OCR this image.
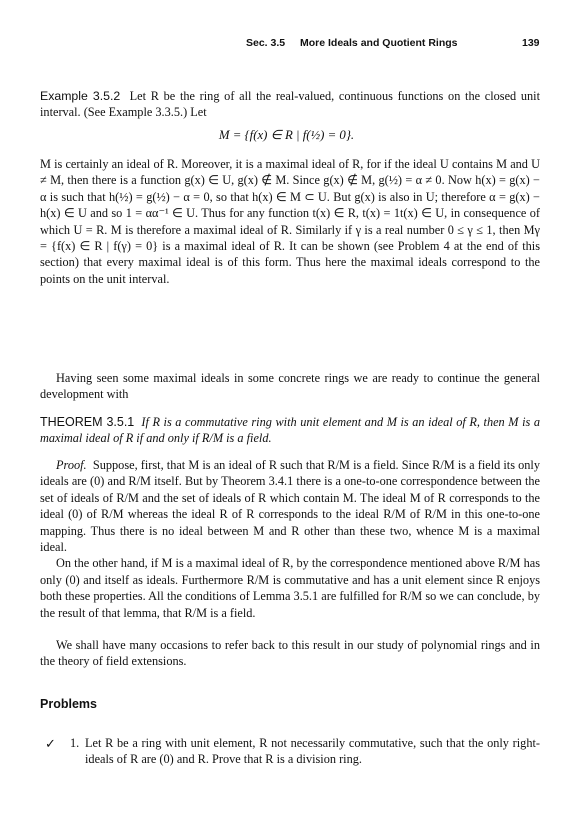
Sec. 3.5 More Ideals and Quotient Rings	139

Example 3.5.2 Let R be the ring of all the real-valued, continuous functions on the closed unit interval. (See Example 3.3.5.) Let

M = {f(x) ∈ R | f(½) = 0}.

M is certainly an ideal of R. Moreover, it is a maximal ideal of R, for if the ideal U contains M and U ≠ M, then there is a function g(x) ∈ U, g(x) ∉ M. Since g(x) ∉ M, g(½) = α ≠ 0. Now h(x) = g(x) − α is such that h(½) = g(½) − α = 0, so that h(x) ∈ M ⊂ U. But g(x) is also in U; therefore α = g(x) − h(x) ∈ U and so 1 = αα⁻¹ ∈ U. Thus for any function t(x) ∈ R, t(x) = 1t(x) ∈ U, in consequence of which U = R. M is therefore a maximal ideal of R. Similarly if γ is a real number 0 ≤ γ ≤ 1, then Mγ = {f(x) ∈ R | f(γ) = 0} is a maximal ideal of R. It can be shown (see Problem 4 at the end of this section) that every maximal ideal is of this form. Thus here the maximal ideals correspond to the points on the unit interval.

Having seen some maximal ideals in some concrete rings we are ready to continue the general development with

THEOREM 3.5.1 If R is a commutative ring with unit element and M is an ideal of R, then M is a maximal ideal of R if and only if R/M is a field.

Proof. Suppose, first, that M is an ideal of R such that R/M is a field. Since R/M is a field its only ideals are (0) and R/M itself. But by Theorem 3.4.1 there is a one-to-one correspondence between the set of ideals of R/M and the set of ideals of R which contain M. The ideal M of R corresponds to the ideal (0) of R/M whereas the ideal R of R corresponds to the ideal R/M of R/M in this one-to-one mapping. Thus there is no ideal between M and R other than these two, whence M is a maximal ideal.

On the other hand, if M is a maximal ideal of R, by the correspondence mentioned above R/M has only (0) and itself as ideals. Furthermore R/M is commutative and has a unit element since R enjoys both these properties. All the conditions of Lemma 3.5.1 are fulfilled for R/M so we can conclude, by the result of that lemma, that R/M is a field.

We shall have many occasions to refer back to this result in our study of polynomial rings and in the theory of field extensions.

Problems
✓ 1. Let R be a ring with unit element, R not necessarily commutative, such that the only right-ideals of R are (0) and R. Prove that R is a division ring.
